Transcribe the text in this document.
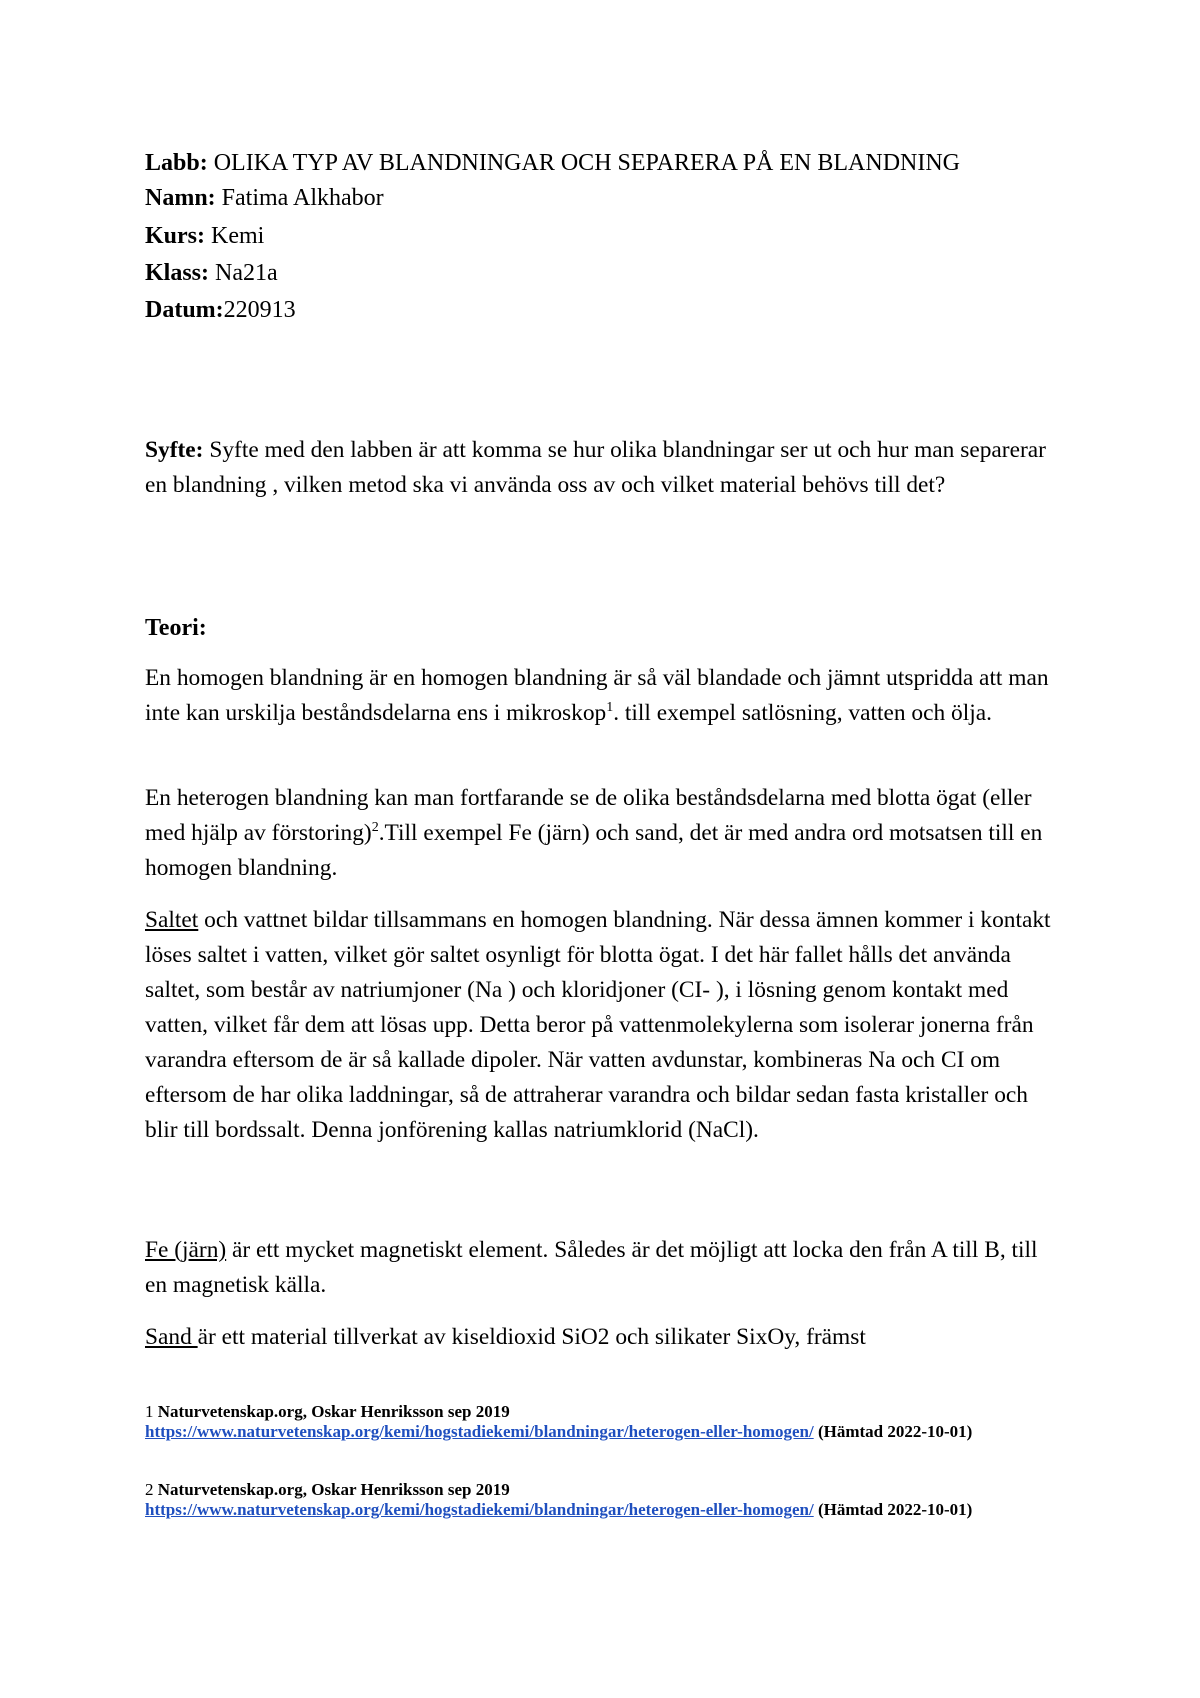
Labb: OLIKA TYP AV BLANDNINGAR OCH SEPARERA PÅ EN BLANDNING
Namn: Fatima Alkhabor
Kurs: Kemi
Klass: Na21a
Datum:220913

Syfte: Syfte med den labben är att komma se hur olika blandningar ser ut och hur man separerar en blandning , vilken metod ska vi använda oss av och vilket material behövs till det?

Teori:

En homogen blandning är en homogen blandning är så väl blandade och jämnt utspridda att man inte kan urskilja beståndsdelarna ens i mikroskop$^1$. till exempel satlösning, vatten och ölja.

En heterogen blandning kan man fortfarande se de olika beståndsdelarna med blotta ögat (eller med hjälp av förstoring)$^2$.Till exempel Fe (järn) och sand, det är med andra ord motsatsen till en homogen blandning.

Saltet och vattnet bildar tillsammans en homogen blandning. När dessa ämnen kommer i kontakt löses saltet i vatten, vilket gör saltet osynligt för blotta ögat. I det här fallet hålls det använda saltet, som består av natriumjoner (Na ) och kloridjoner (CI- ), i lösning genom kontakt med vatten, vilket får dem att lösas upp. Detta beror på vattenmolekylerna som isolerar jonerna från varandra eftersom de är så kallade dipoler. När vatten avdunstar, kombineras Na och CI om eftersom de har olika laddningar, så de attraherar varandra och bildar sedan fasta kristaller och blir till bordssalt. Denna jonförening kallas natriumklorid (NaCl).

Fe (järn) är ett mycket magnetiskt element. Således är det möjligt att locka den från A till B, till en magnetisk källa.

Sand är ett material tillverkat av kiseldioxid SiO2 och silikater SixOy, främst

1 Naturvetenskap.org, Oskar Henriksson sep 2019
https://www.naturvetenskap.org/kemi/hogstadiekemi/blandningar/heterogen-eller-homogen/ (Hämtad 2022-10-01)
2 Naturvetenskap.org, Oskar Henriksson sep 2019
https://www.naturvetenskap.org/kemi/hogstadiekemi/blandningar/heterogen-eller-homogen/ (Hämtad 2022-10-01)
